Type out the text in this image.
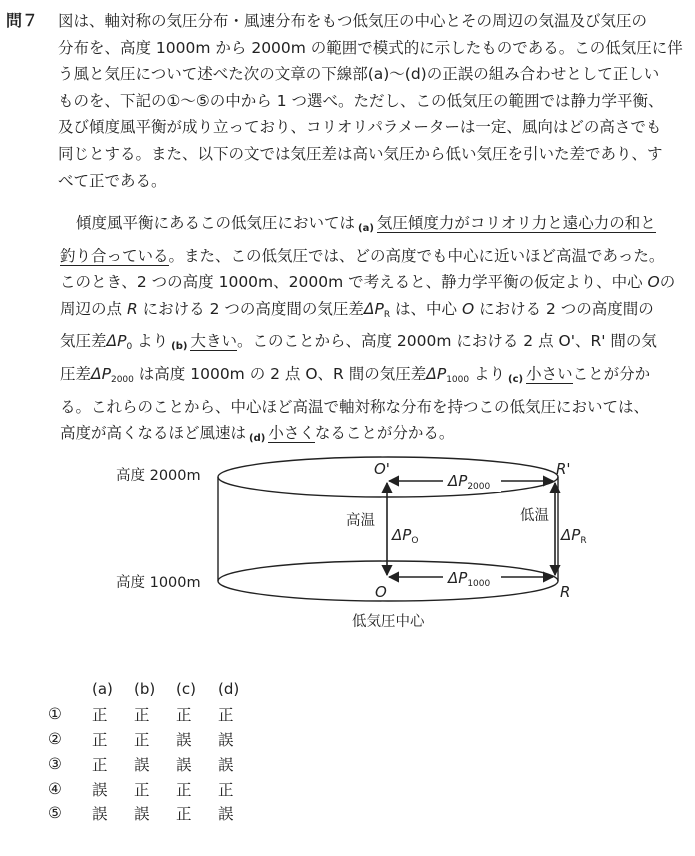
問７ 図は、軸対称の気圧分布・風速分布をもつ低気圧の中心とその周辺の気温及び気圧の

分布を、高度 1000m から 2000m の範囲で模式的に示したものである。この低気圧に伴

う風と気圧について述べた次の文章の下線部(a)～(d)の正誤の組み合わせとして正しい

ものを、下記の①～⑤の中から 1 つ選べ。ただし、この低気圧の範囲では静力学平衡、

及び傾度風平衡が成り立っており、コリオリパラメーターは一定、風向はどの高さでも

同じとする。また、以下の文では気圧差は高い気圧から低い気圧を引いた差であり、す

べて正である。

傾度風平衡にあるこの低気圧においては (a) 気圧傾度力がコリオリ力と遠心力の和と
釣り合っている。また、この低気圧では、どの高度でも中心に近いほど高温であった。
このとき、2 つの高度 1000m、2000m で考えると、静力学平衡の仮定より、中心 Oの
周辺の点 R における 2 つの高度間の気圧差$\Delta P_R$ は、中心 O における 2 つの高度間の
気圧差$\Delta P_0$ より (b) 大きい。このことから、高度 2000m における 2 点 O'、R' 間の気
圧差$\Delta P_{2000}$ は高度 1000m の 2 点 O、R 間の気圧差$\Delta P_{1000}$ より (c) 小さいことが分か
る。これらのことから、中心ほど高温で軸対称な分布を持つこの低気圧においては、
高度が高くなるほど風速は (d) 小さくなることが分かる。
高度 2000m
高度 1000m
低気圧中心
高温	低温
O'	R'
O	R
$\Delta P_{2000}$
$\Delta P_{1000}$
$\Delta P_O$	$\Delta P_R$
(a)	(b)	(c)	(d)
①	正	正	正	正
②	正	正	誤	誤
③	正	誤	誤	誤
④	誤	正	正	正
⑤	誤	誤	正	誤
